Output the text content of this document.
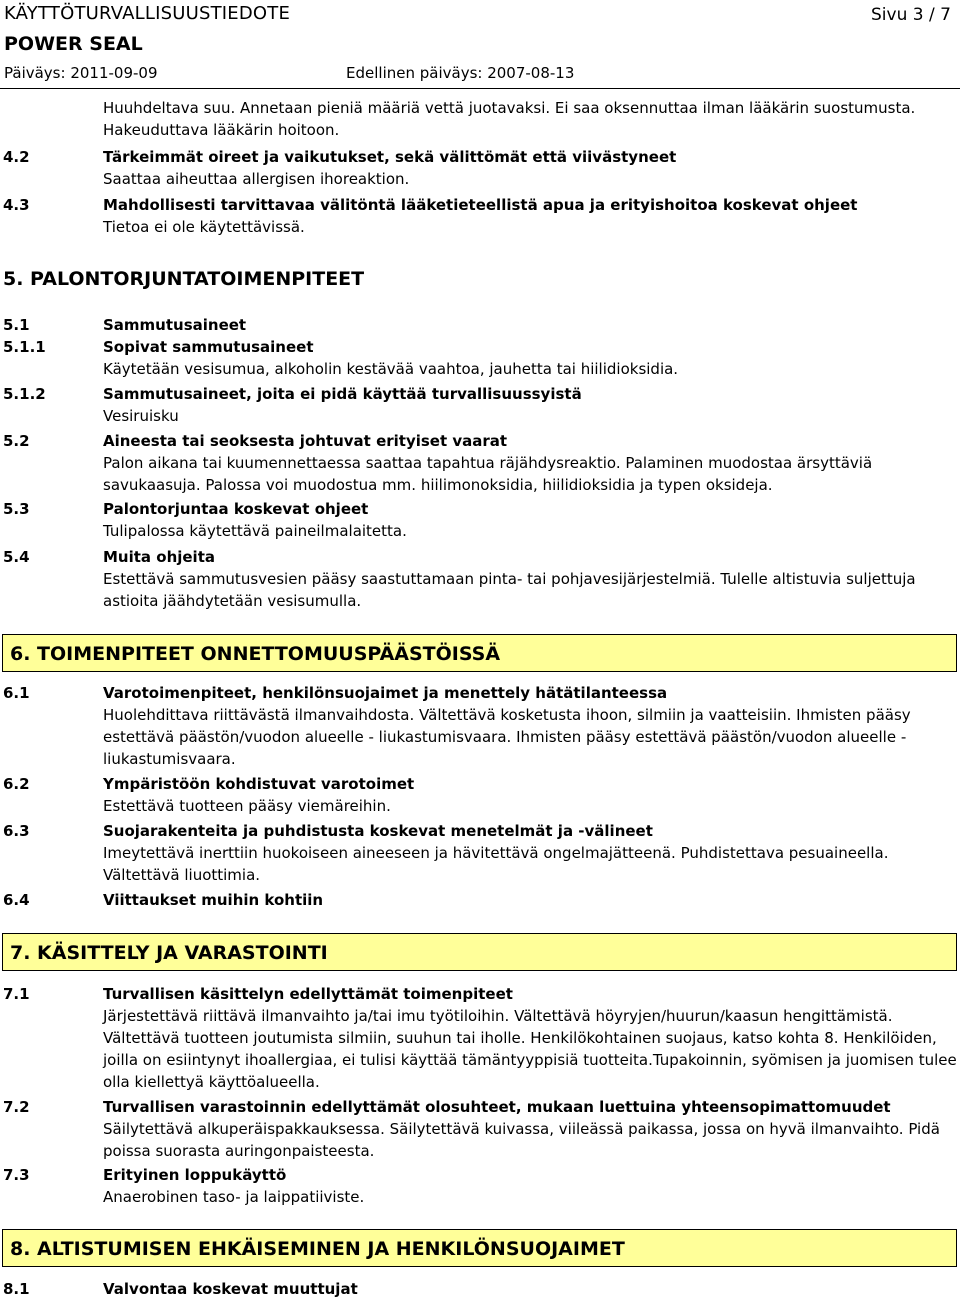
KÄYTTÖTURVALLISUUSTIEDOTE	Sivu 3 / 7
POWER SEAL
Päiväys: 2011-09-09	Edellinen päiväys: 2007-08-13
Huuhdeltava suu. Annetaan pieniä määriä vettä juotavaksi. Ei saa oksennuttaa ilman lääkärin suostumusta.
Hakeuduttava lääkärin hoitoon.
4.2	Tärkeimmät oireet ja vaikutukset, sekä välittömät että viivästyneet
Saattaa aiheuttaa allergisen ihoreaktion.
4.3	Mahdollisesti tarvittavaa välitöntä lääketieteellistä apua ja erityishoitoa koskevat ohjeet
Tietoa ei ole käytettävissä.
5. PALONTORJUNTATOIMENPITEET
5.1	Sammutusaineet
5.1.1	Sopivat sammutusaineet
Käytetään vesisumua, alkoholin kestävää vaahtoa, jauhetta tai hiilidioksidia.
5.1.2	Sammutusaineet, joita ei pidä käyttää turvallisuussyistä
Vesiruisku
5.2	Aineesta tai seoksesta johtuvat erityiset vaarat
Palon aikana tai kuumennettaessa saattaa tapahtua räjähdysreaktio. Palaminen muodostaa ärsyttäviä
savukaasuja. Palossa voi muodostua mm. hiilimonoksidia, hiilidioksidia ja typen oksideja.
5.3	Palontorjuntaa koskevat ohjeet
Tulipalossa käytettävä paineilmalaitetta.
5.4	Muita ohjeita
Estettävä sammutusvesien pääsy saastuttamaan pinta- tai pohjavesijärjestelmiä. Tulelle altistuvia suljettuja
astioita jäähdytetään vesisumulla.
6. TOIMENPITEET ONNETTOMUUSPÄÄSTÖISSÄ
6.1	Varotoimenpiteet, henkilönsuojaimet ja menettely hätätilanteessa
Huolehdittava riittävästä ilmanvaihdosta. Vältettävä kosketusta ihoon, silmiin ja vaatteisiin. Ihmisten pääsy
estettävä päästön/vuodon alueelle - liukastumisvaara. Ihmisten pääsy estettävä päästön/vuodon alueelle -
liukastumisvaara.
6.2	Ympäristöön kohdistuvat varotoimet
Estettävä tuotteen pääsy viemäreihin.
6.3	Suojarakenteita ja puhdistusta koskevat menetelmät ja -välineet
Imeytettävä inerttiin huokoiseen aineeseen ja hävitettävä ongelmajätteenä. Puhdistettava pesuaineella.
Vältettävä liuottimia.
6.4	Viittaukset muihin kohtiin
7. KÄSITTELY JA VARASTOINTI
7.1	Turvallisen käsittelyn edellyttämät toimenpiteet
Järjestettävä riittävä ilmanvaihto ja/tai imu työtiloihin. Vältettävä höyryjen/huurun/kaasun hengittämistä.
Vältettävä tuotteen joutumista silmiin, suuhun tai iholle. Henkilökohtainen suojaus, katso kohta 8. Henkilöiden,
joilla on esiintynyt ihoallergiaa, ei tulisi käyttää tämäntyyppisiä tuotteita.Tupakoinnin, syömisen ja juomisen tulee
olla kiellettyä käyttöalueella.
7.2	Turvallisen varastoinnin edellyttämät olosuhteet, mukaan luettuina yhteensopimattomuudet
Säilytettävä alkuperäispakkauksessa. Säilytettävä kuivassa, viileässä paikassa, jossa on hyvä ilmanvaihto. Pidä
poissa suorasta auringonpaisteesta.
7.3	Erityinen loppukäyttö
Anaerobinen taso- ja laippatiiviste.
8. ALTISTUMISEN EHKÄISEMINEN JA HENKILÖNSUOJAIMET
8.1	Valvontaa koskevat muuttujat
